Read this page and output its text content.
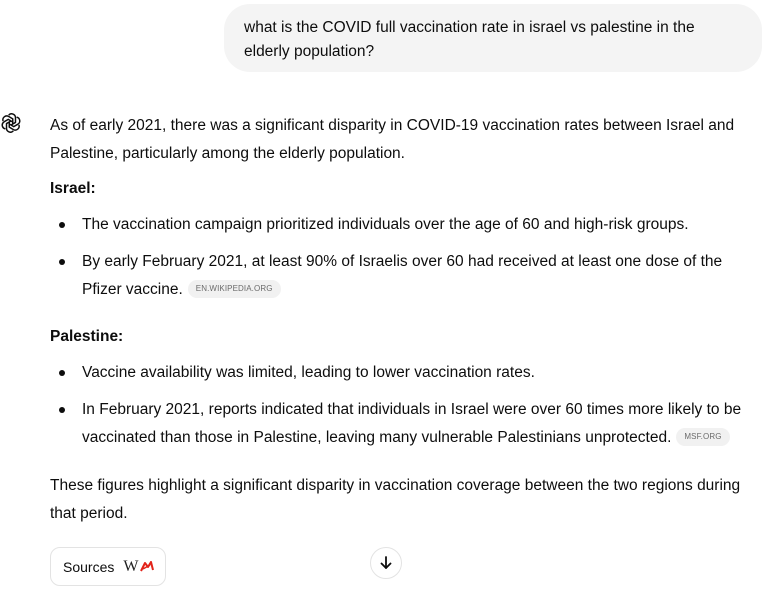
what is the COVID full vaccination rate in israel vs palestine in the elderly population?

As of early 2021, there was a significant disparity in COVID-19 vaccination rates between Israel and Palestine, particularly among the elderly population.

Israel:

The vaccination campaign prioritized individuals over the age of 60 and high-risk groups.

By early February 2021, at least 90% of Israelis over 60 had received at least one dose of the Pfizer vaccine. EN.WIKIPEDIA.ORG

Palestine:

Vaccine availability was limited, leading to lower vaccination rates.

In February 2021, reports indicated that individuals in Israel were over 60 times more likely to be vaccinated than those in Palestine, leaving many vulnerable Palestinians unprotected. MSF.ORG

These figures highlight a significant disparity in vaccination coverage between the two regions during that period.

Sources W
